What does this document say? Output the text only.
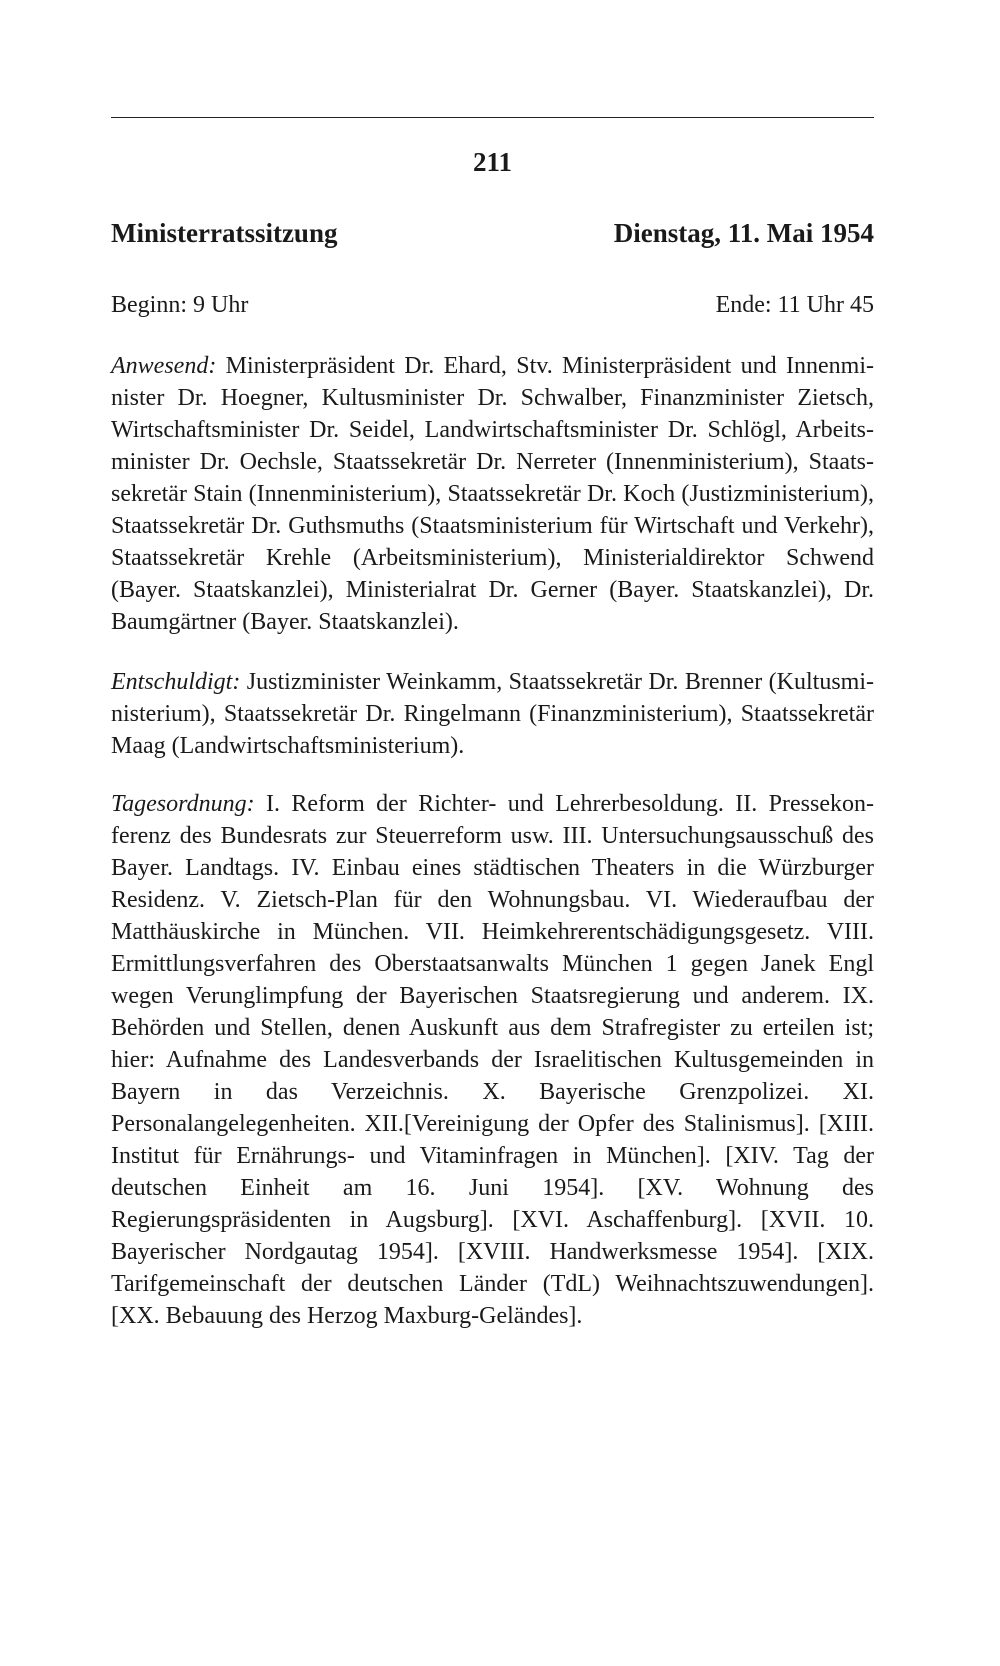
211
Ministerratssitzung	Dienstag, 11. Mai 1954
Beginn: 9 Uhr	Ende: 11 Uhr 45

Anwesend: Ministerpräsident Dr. Ehard, Stv. Ministerpräsident und Innenminister Dr. Hoegner, Kultusminister Dr. Schwalber, Finanzminister Zietsch, Wirtschaftsminister Dr. Seidel, Landwirtschaftsminister Dr. Schlögl, Arbeitsminister Dr. Oechsle, Staatssekretär Dr. Nerreter (Innenministerium), Staatssekretär Stain (Innenministerium), Staatssekretär Dr. Koch (Justizministerium), Staatssekretär Dr. Guthsmuths (Staatsministerium für Wirtschaft und Verkehr), Staatssekretär Krehle (Arbeitsministerium), Ministerialdirektor Schwend (Bayer. Staatskanzlei), Ministerialrat Dr. Gerner (Bayer. Staatskanzlei), Dr. Baumgärtner (Bayer. Staatskanzlei).

Entschuldigt: Justizminister Weinkamm, Staatssekretär Dr. Brenner (Kultusministerium), Staatssekretär Dr. Ringelmann (Finanzministerium), Staatssekretär Maag (Landwirtschaftsministerium).

Tagesordnung: I. Reform der Richter- und Lehrerbesoldung. II. Pressekonferenz des Bundesrats zur Steuerreform usw. III. Untersuchungsausschuß des Bayer. Landtags. IV. Einbau eines städtischen Theaters in die Würzburger Residenz. V. Zietsch-Plan für den Wohnungsbau. VI. Wiederaufbau der Matthäuskirche in München. VII. Heimkehrerentschädigungsgesetz. VIII. Ermittlungsverfahren des Oberstaatsanwalts München 1 gegen Janek Engl wegen Verunglimpfung der Bayerischen Staatsregierung und anderem. IX. Behörden und Stellen, denen Auskunft aus dem Strafregister zu erteilen ist; hier: Aufnahme des Landesverbands der Israelitischen Kultusgemeinden in Bayern in das Verzeichnis. X. Bayerische Grenzpolizei. XI. Personalangelegenheiten. XII.[Vereinigung der Opfer des Stalinismus]. [XIII. Institut für Ernährungs- und Vitaminfragen in München]. [XIV. Tag der deutschen Einheit am 16. Juni 1954]. [XV. Wohnung des Regierungspräsidenten in Augsburg]. [XVI. Aschaffenburg]. [XVII. 10. Bayerischer Nordgautag 1954]. [XVIII. Handwerksmesse 1954]. [XIX. Tarifgemeinschaft der deutschen Länder (TdL) Weihnachtszuwendungen]. [XX. Bebauung des Herzog Maxburg-Geländes].
